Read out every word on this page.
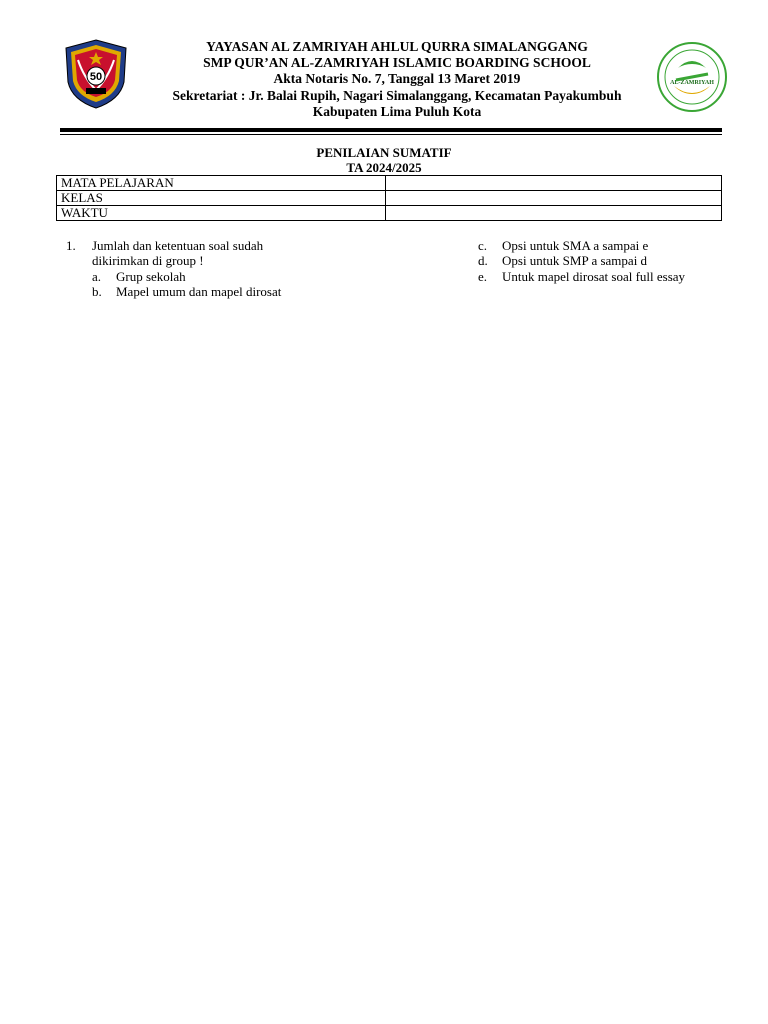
50	AL-ZAMRIYAH
YAYASAN AL ZAMRIYAH AHLUL QURRA SIMALANGGANG
SMP QUR’AN AL-ZAMRIYAH ISLAMIC BOARDING SCHOOL
Akta Notaris No. 7, Tanggal 13 Maret 2019
Sekretariat : Jr. Balai Rupih, Nagari Simalanggang, Kecamatan Payakumbuh
Kabupaten Lima Puluh Kota
PENILAIAN SUMATIF
TA 2024/2025
MATA PELAJARAN	
KELAS	
WAKTU	
1. Jumlah dan ketentuan soal sudah
dikirimkan di group !
a. Grup sekolah
b. Mapel umum dan mapel dirosat
c. Opsi untuk SMA a sampai e
d. Opsi untuk SMP a sampai d
e. Untuk mapel dirosat soal full essay
